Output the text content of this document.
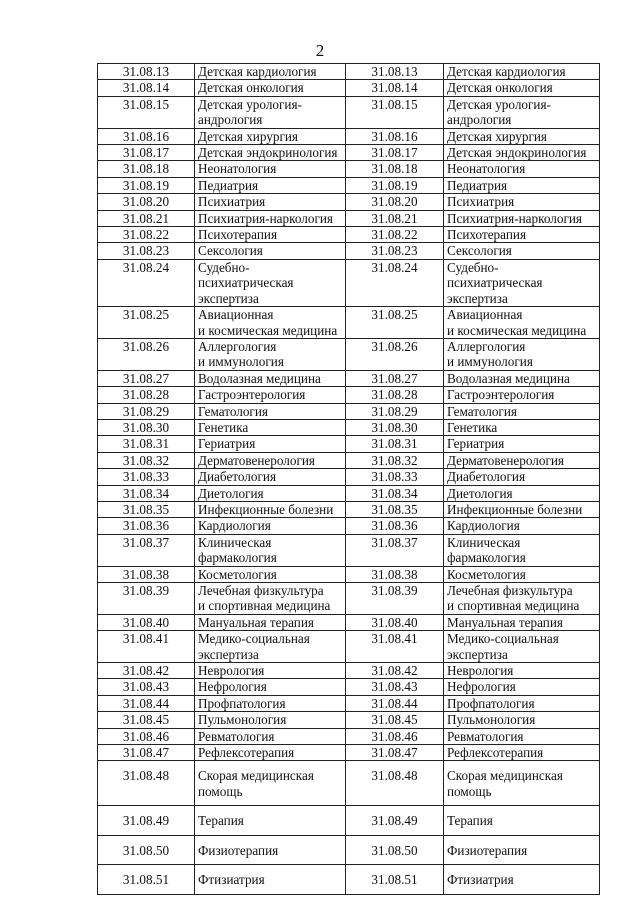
2
31.08.13	Детская кардиология	31.08.13	Детская кардиология

31.08.14	Детская онкология	31.08.14	Детская онкология

31.08.15	Детская урология-
андрология	31.08.15	Детская урология-
андрология

31.08.16	Детская хирургия	31.08.16	Детская хирургия

31.08.17	Детская эндокринология	31.08.17	Детская эндокринология

31.08.18	Неонатология	31.08.18	Неонатология

31.08.19	Педиатрия	31.08.19	Педиатрия

31.08.20	Психиатрия	31.08.20	Психиатрия

31.08.21	Психиатрия-наркология	31.08.21	Психиатрия-наркология

31.08.22	Психотерапия	31.08.22	Психотерапия

31.08.23	Сексология	31.08.23	Сексология

31.08.24	Судебно-
психиатрическая
экспертиза	31.08.24	Судебно-
психиатрическая
экспертиза

31.08.25	Авиационная
и космическая медицина	31.08.25	Авиационная
и космическая медицина

31.08.26	Аллергология
и иммунология	31.08.26	Аллергология
и иммунология

31.08.27	Водолазная медицина	31.08.27	Водолазная медицина

31.08.28	Гастроэнтерология	31.08.28	Гастроэнтерология

31.08.29	Гематология	31.08.29	Гематология

31.08.30	Генетика	31.08.30	Генетика

31.08.31	Гериатрия	31.08.31	Гериатрия

31.08.32	Дерматовенерология	31.08.32	Дерматовенерология

31.08.33	Диабетология	31.08.33	Диабетология

31.08.34	Диетология	31.08.34	Диетология

31.08.35	Инфекционные болезни	31.08.35	Инфекционные болезни

31.08.36	Кардиология	31.08.36	Кардиология

31.08.37	Клиническая
фармакология	31.08.37	Клиническая
фармакология

31.08.38	Косметология	31.08.38	Косметология

31.08.39	Лечебная физкультура
и спортивная медицина	31.08.39	Лечебная физкультура
и спортивная медицина

31.08.40	Мануальная терапия	31.08.40	Мануальная терапия

31.08.41	Медико-социальная
экспертиза	31.08.41	Медико-социальная
экспертиза

31.08.42	Неврология	31.08.42	Неврология

31.08.43	Нефрология	31.08.43	Нефрология

31.08.44	Профпатология	31.08.44	Профпатология

31.08.45	Пульмонология	31.08.45	Пульмонология

31.08.46	Ревматология	31.08.46	Ревматология

31.08.47	Рефлексотерапия	31.08.47	Рефлексотерапия

31.08.48	Скорая медицинская
помощь	31.08.48	Скорая медицинская
помощь

31.08.49	Терапия	31.08.49	Терапия

31.08.50	Физиотерапия	31.08.50	Физиотерапия

31.08.51	Фтизиатрия	31.08.51	Фтизиатрия
